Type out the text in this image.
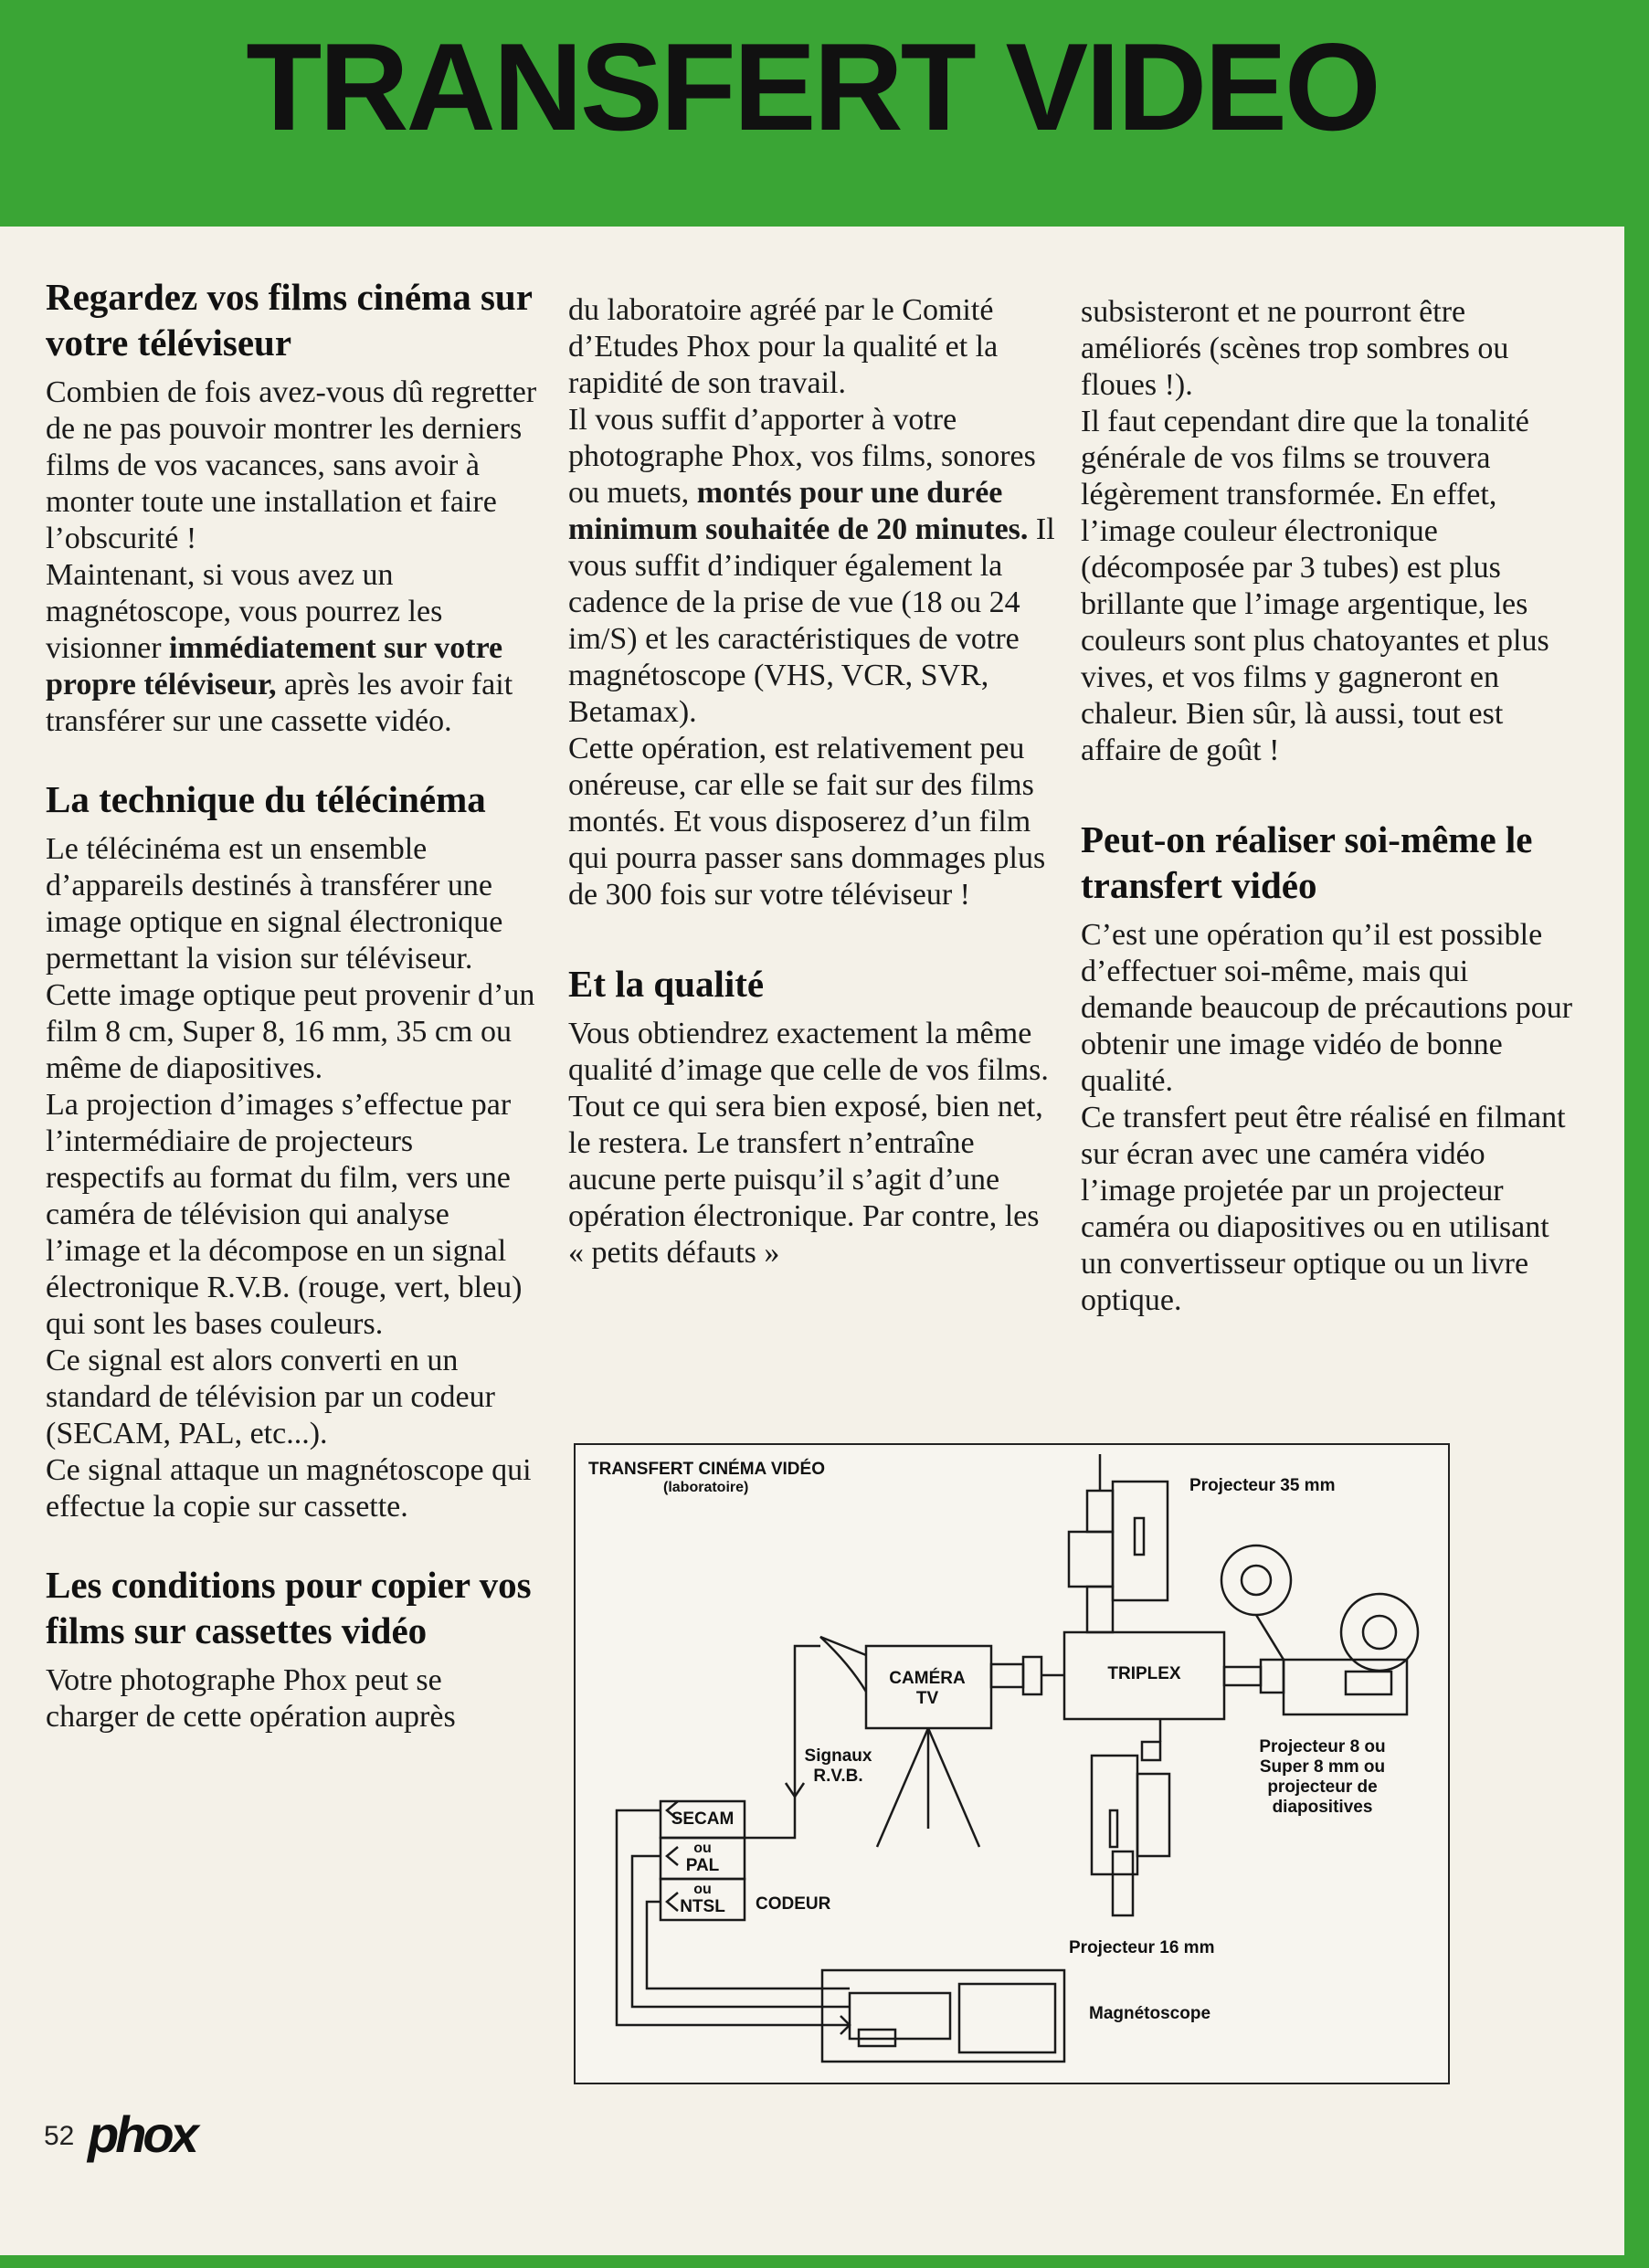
TRANSFERT VIDEO
Regardez vos films cinéma sur votre téléviseur

Combien de fois avez-vous dû regretter de ne pas pouvoir montrer les derniers films de vos vacances, sans avoir à monter toute une installation et faire l’obscurité !

Maintenant, si vous avez un magnétoscope, vous pourrez les visionner immédiatement sur votre propre téléviseur, après les avoir fait transférer sur une cassette vidéo.

La technique du télécinéma

Le télécinéma est un ensemble d’appareils destinés à transférer une image optique en signal électronique permettant la vision sur téléviseur. Cette image optique peut provenir d’un film 8 cm, Super 8, 16 mm, 35 cm ou même de diapositives.

La projection d’images s’effectue par l’intermédiaire de projecteurs respectifs au format du film, vers une caméra de télévision qui analyse l’image et la décompose en un signal électronique R.V.B. (rouge, vert, bleu) qui sont les bases couleurs.

Ce signal est alors converti en un standard de télévision par un codeur (SECAM, PAL, etc...).

Ce signal attaque un magnétoscope qui effectue la copie sur cassette.

Les conditions pour copier vos films sur cassettes vidéo

Votre photographe Phox peut se charger de cette opération auprès

du laboratoire agréé par le Comité d’Etudes Phox pour la qualité et la rapidité de son travail.

Il vous suffit d’apporter à votre photographe Phox, vos films, sonores ou muets, montés pour une durée minimum souhaitée de 20 minutes. Il vous suffit d’indiquer également la cadence de la prise de vue (18 ou 24 im/S) et les caractéristiques de votre magnétoscope (VHS, VCR, SVR, Betamax).

Cette opération, est relativement peu onéreuse, car elle se fait sur des films montés. Et vous disposerez d’un film qui pourra passer sans dommages plus de 300 fois sur votre téléviseur !

Et la qualité

Vous obtiendrez exactement la même qualité d’image que celle de vos films. Tout ce qui sera bien exposé, bien net, le restera. Le transfert n’entraîne aucune perte puisqu’il s’agit d’une opération électronique. Par contre, les « petits défauts »

subsisteront et ne pourront être améliorés (scènes trop sombres ou floues !).

Il faut cependant dire que la tonalité générale de vos films se trouvera légèrement transformée. En effet, l’image couleur électronique (décomposée par 3 tubes) est plus brillante que l’image argentique, les couleurs sont plus chatoyantes et plus vives, et vos films y gagneront en chaleur. Bien sûr, là aussi, tout est affaire de goût !

Peut-on réaliser soi-même le transfert vidéo

C’est une opération qu’il est possible d’effectuer soi-même, mais qui demande beaucoup de précautions pour obtenir une image vidéo de bonne qualité.

Ce transfert peut être réalisé en filmant sur écran avec une caméra vidéo l’image projetée par un projecteur caméra ou diapositives ou en utilisant un convertisseur optique ou un livre optique.

TRANSFERT CINÉMA VIDÉO
(laboratoire)	Projecteur 35 mm
CAMÉRA TV
TRIPLEX
Signaux R.V.B.
SECAM
ou
PAL
ou
NTSL	CODEUR
Projecteur 8 ou Super 8 mm ou projecteur de diapositives
Projecteur 16 mm
Magnétoscope
52 phox
